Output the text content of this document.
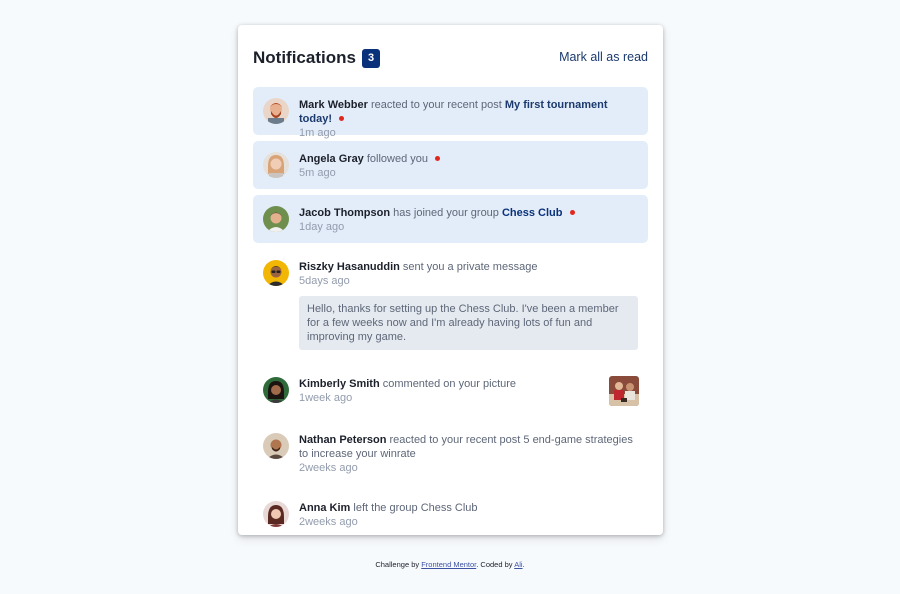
Notifications	3	Mark all as read
Mark Webber reacted to your recent post My first tournament today!
1m ago
Angela Gray followed you
5m ago
Jacob Thompson has joined your group Chess Club
1day ago
Riszky Hasanuddin sent you a private message
5days ago
Hello, thanks for setting up the Chess Club. I've been a member for a few weeks now and I'm already having lots of fun and improving my game.
Kimberly Smith commented on your picture
1week ago
Nathan Peterson reacted to your recent post 5 end-game strategies to increase your winrate
2weeks ago
Anna Kim left the group Chess Club
2weeks ago
Challenge by Frontend Mentor. Coded by Ali.
